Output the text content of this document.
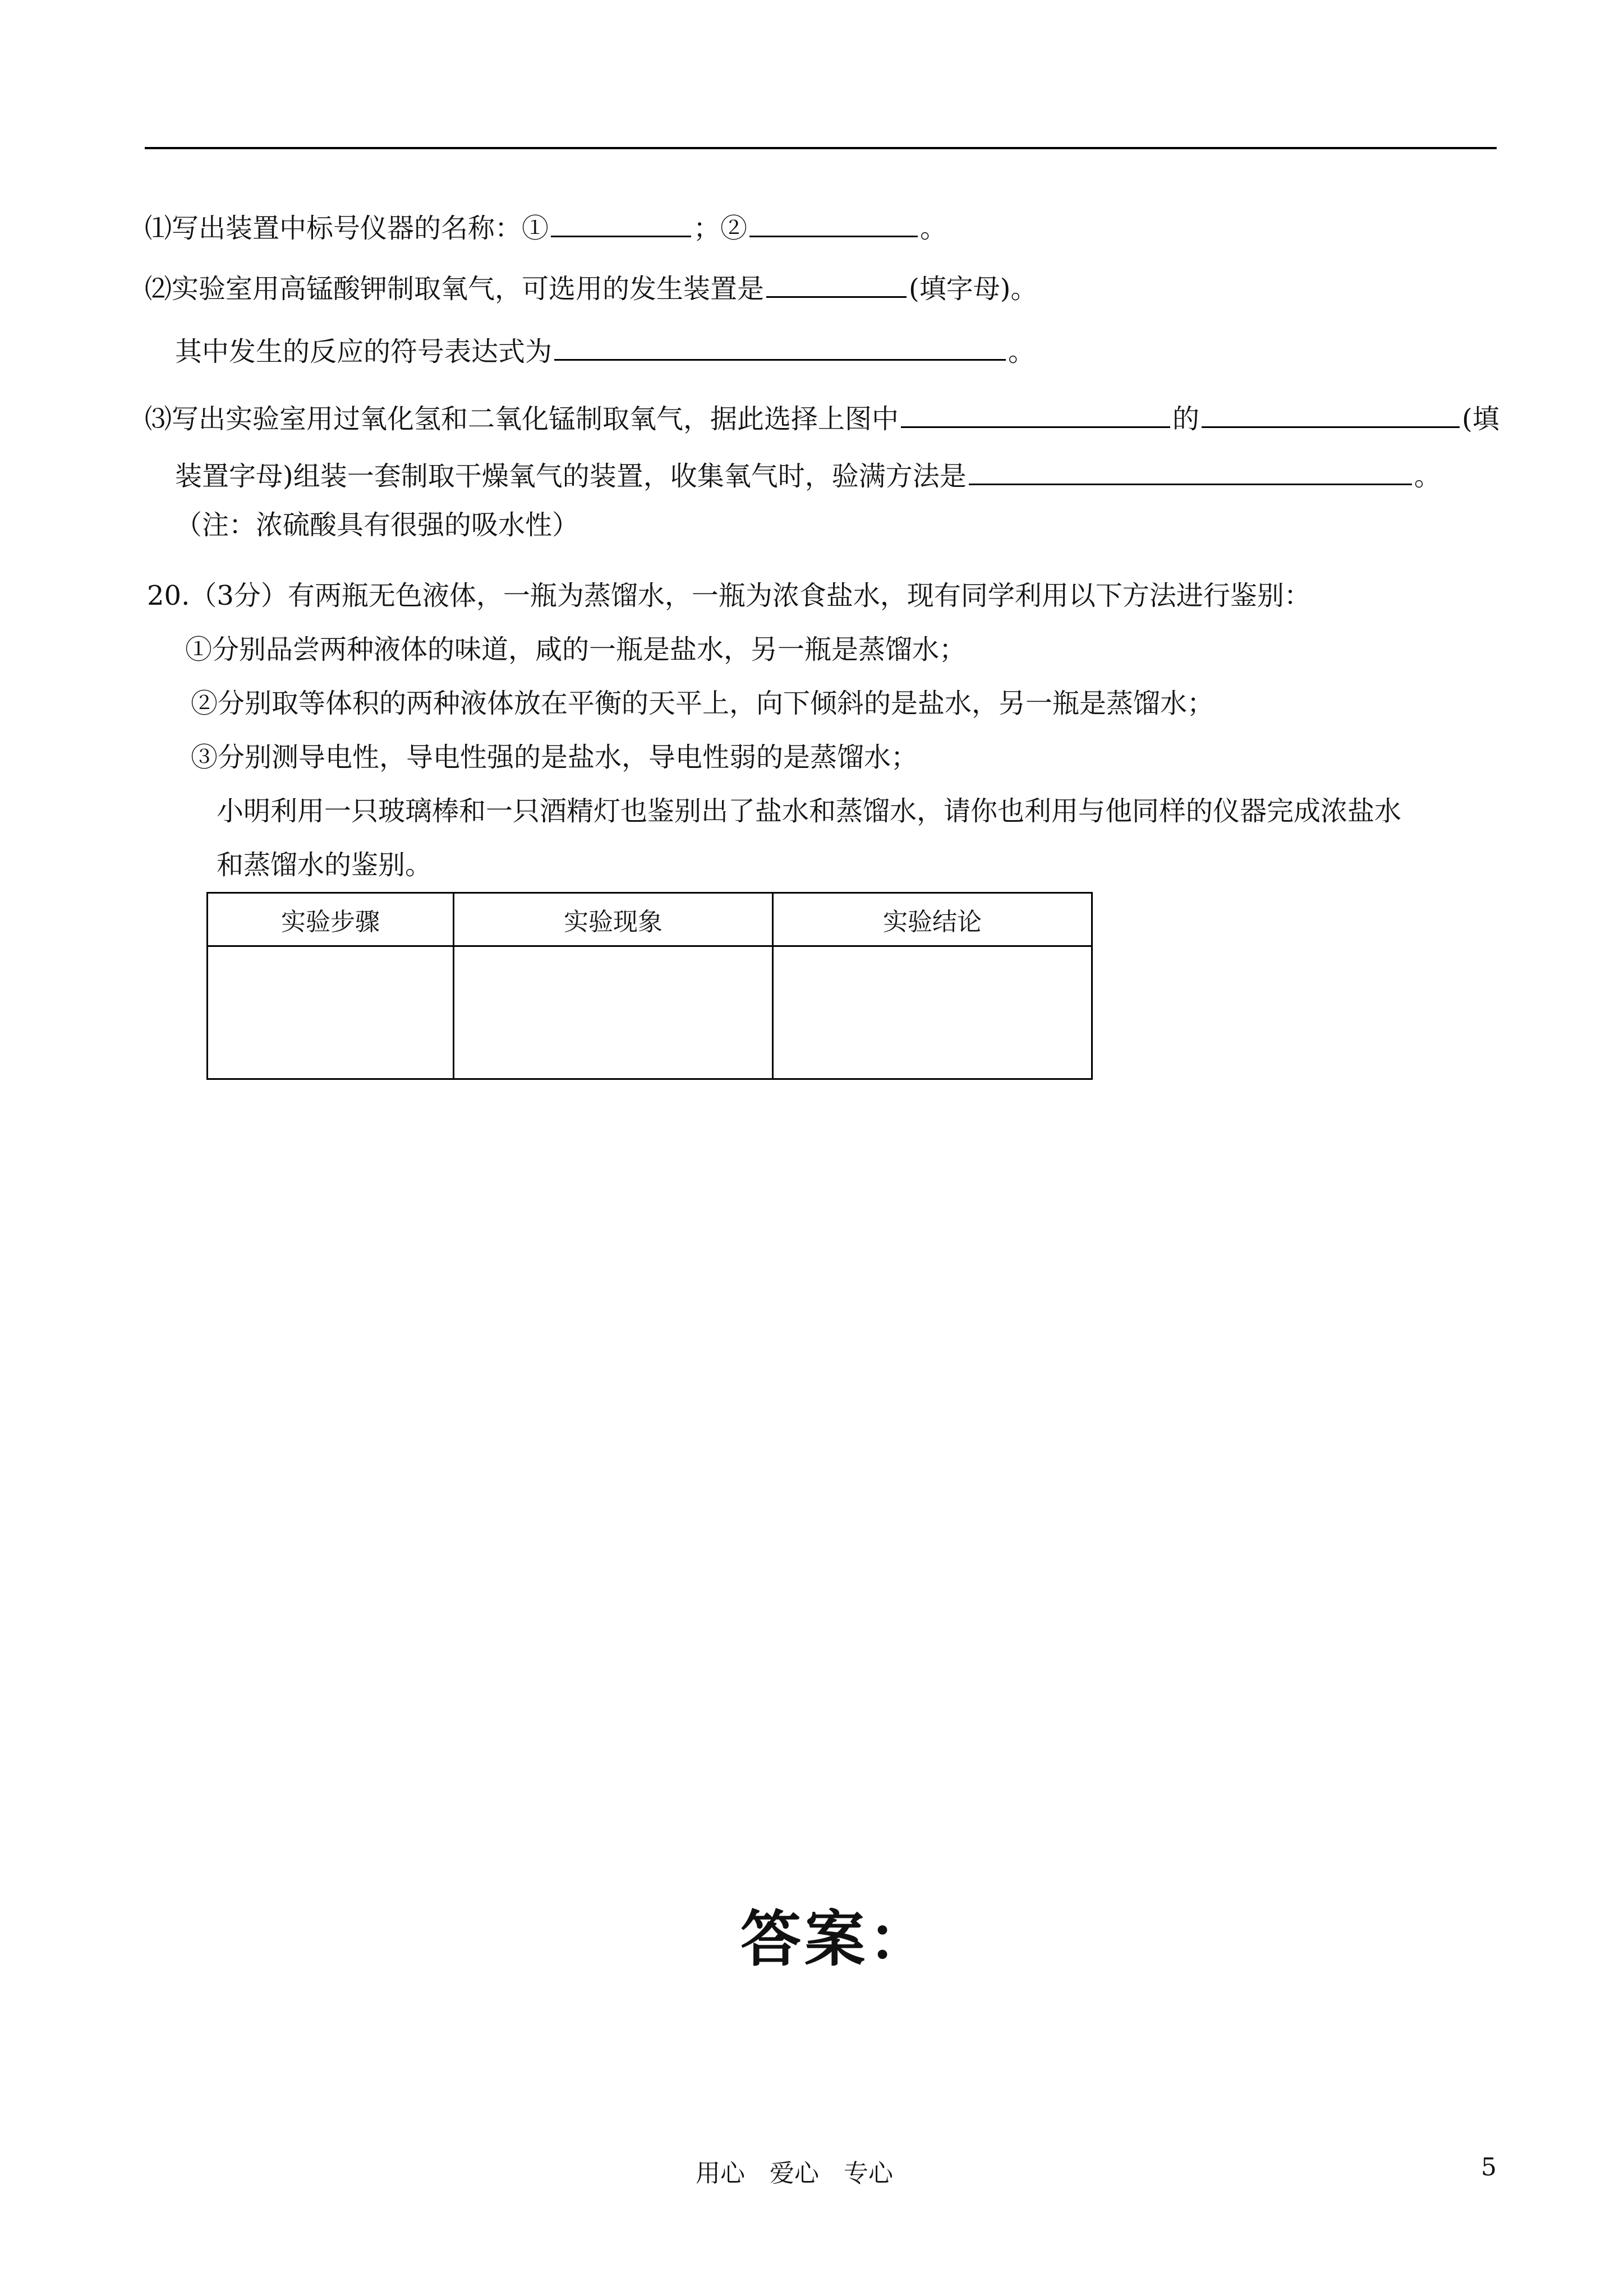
⑴写出装置中标号仪器的名称：①	；②	。
⑵实验室用高锰酸钾制取氧气，可选用的发生装置是	(填字母)。
其中发生的反应的符号表达式为	。
⑶写出实验室用过氧化氢和二氧化锰制取氧气，据此选择上图中	的	(填
装置字母)组装一套制取干燥氧气的装置，收集氧气时，验满方法是	。
（注：浓硫酸具有很强的吸水性）
20.（3分）有两瓶无色液体，一瓶为蒸馏水，一瓶为浓食盐水，现有同学利用以下方法进行鉴别：
①分别品尝两种液体的味道，咸的一瓶是盐水，另一瓶是蒸馏水；
②分别取等体积的两种液体放在平衡的天平上，向下倾斜的是盐水，另一瓶是蒸馏水；
③分别测导电性，导电性强的是盐水，导电性弱的是蒸馏水；
小明利用一只玻璃棒和一只酒精灯也鉴别出了盐水和蒸馏水，请你也利用与他同样的仪器完成浓盐水
和蒸馏水的鉴别。
实验步骤	实验现象	实验结论

答案：
用心　爱心　专心	5
